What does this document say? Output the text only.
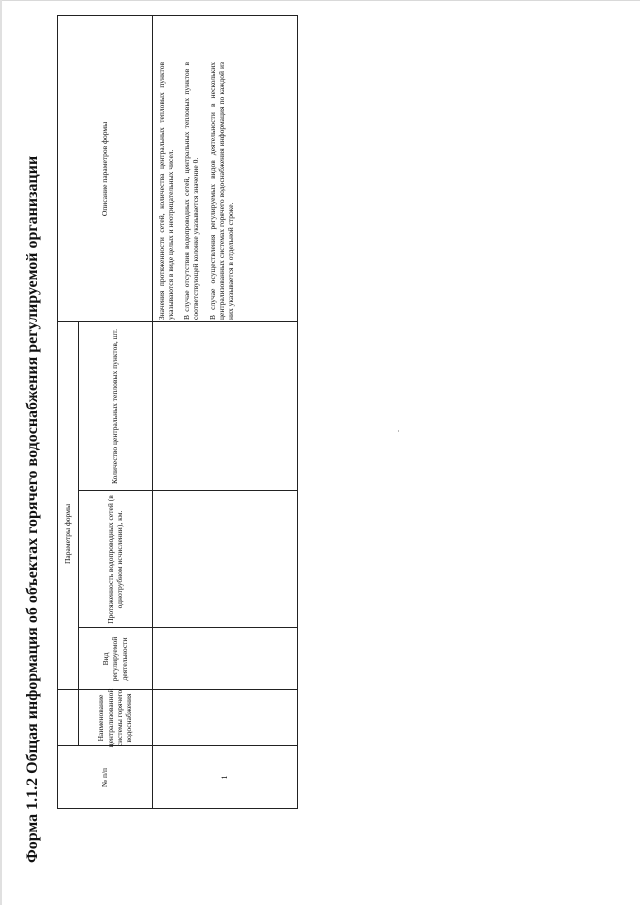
Форма 1.1.2 Общая информация об объектах горячего водоснабжения регулируемой организации	№ п/п
Параметры формы
Наименование централизованной системы горячего водоснабжения
Вид регулируемой деятельности
Протяженность водопроводных сетей (в однотрубном исчислении), км.
Количество центральных тепловых пунктов, шт.
Описание параметров формы
1

Значения протяженности сетей, количества центральных тепловых пунктов указываются в виде целых и неотрицательных чисел. В случае отсутствия водопроводных сетей, центральных тепловых пунктов в соответствующей колонке указывается значение 0. В случае осуществления регулируемых видов деятельности в нескольких централизованных системах горячего водоснабжения информация по каждой из них указывается в отдельной строке.
